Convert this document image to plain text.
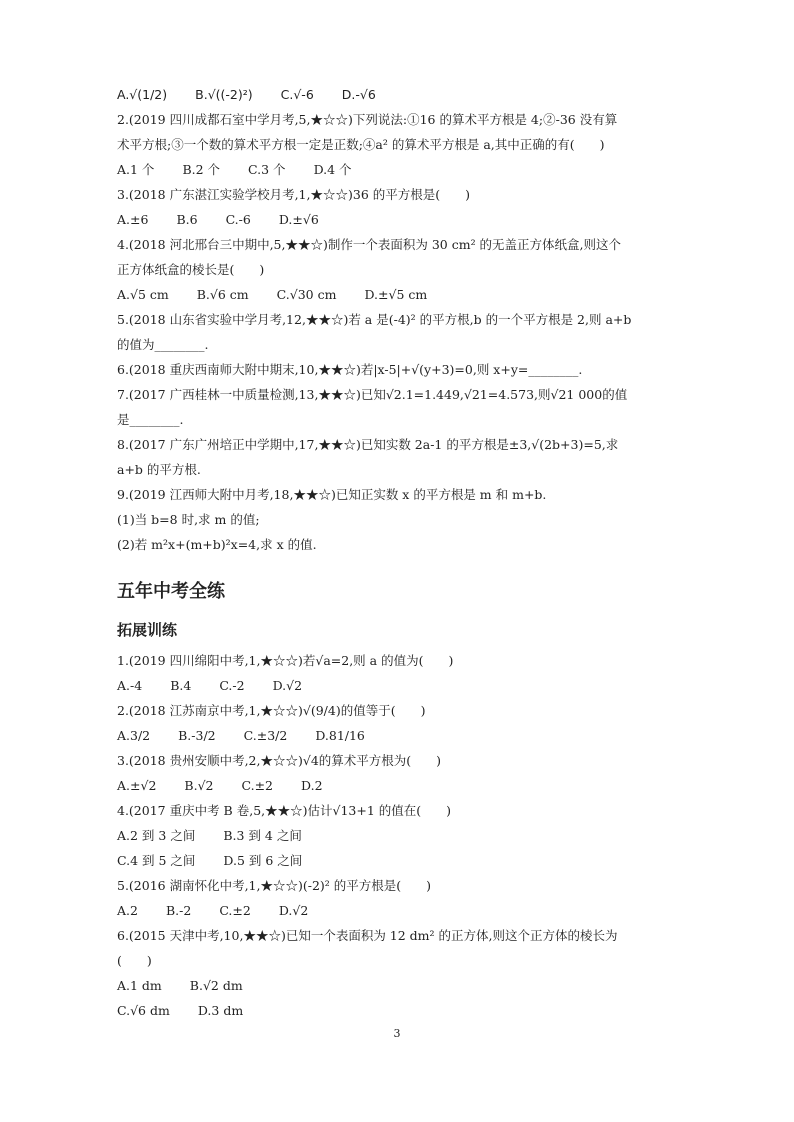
A.√(1/2) B.√((-2)²) C.√-6 D.-√6
2.(2019 四川成都石室中学月考,5,★☆☆)下列说法:①16 的算术平方根是 4;②-36 没有算
术平方根;③一个数的算术平方根一定是正数;④a² 的算术平方根是 a,其中正确的有(　　)
A.1 个 B.2 个 C.3 个 D.4 个
3.(2018 广东湛江实验学校月考,1,★☆☆)36 的平方根是(　　)
A.±6 B.6 C.-6 D.±√6
4.(2018 河北邢台三中期中,5,★★☆)制作一个表面积为 30 cm² 的无盖正方体纸盒,则这个
正方体纸盒的棱长是(　　)
A.√5 cm B.√6 cm C.√30 cm D.±√5 cm
5.(2018 山东省实验中学月考,12,★★☆)若 a 是(-4)² 的平方根,b 的一个平方根是 2,则 a+b
的值为________.
6.(2018 重庆西南师大附中期末,10,★★☆)若|x-5|+√(y+3)=0,则 x+y=________.
7.(2017 广西桂林一中质量检测,13,★★☆)已知√2.1=1.449,√21=4.573,则√21 000的值
是________.
8.(2017 广东广州培正中学期中,17,★★☆)已知实数 2a-1 的平方根是±3,√(2b+3)=5,求
a+b 的平方根.
9.(2019 江西师大附中月考,18,★★☆)已知正实数 x 的平方根是 m 和 m+b.
(1)当 b=8 时,求 m 的值;
(2)若 m²x+(m+b)²x=4,求 x 的值.
五年中考全练
拓展训练
1.(2019 四川绵阳中考,1,★☆☆)若√a=2,则 a 的值为(　　)
A.-4 B.4 C.-2 D.√2
2.(2018 江苏南京中考,1,★☆☆)√(9/4)的值等于(　　)
A.3/2 B.-3/2 C.±3/2 D.81/16
3.(2018 贵州安顺中考,2,★☆☆)√4的算术平方根为(　　)
A.±√2 B.√2 C.±2 D.2
4.(2017 重庆中考 B 卷,5,★★☆)估计√13+1 的值在(　　)
A.2 到 3 之间 B.3 到 4 之间
C.4 到 5 之间 D.5 到 6 之间
5.(2016 湖南怀化中考,1,★☆☆)(-2)² 的平方根是(　　)
A.2 B.-2 C.±2 D.√2
6.(2015 天津中考,10,★★☆)已知一个表面积为 12 dm² 的正方体,则这个正方体的棱长为
(　　)
A.1 dm B.√2 dm
C.√6 dm D.3 dm
3
